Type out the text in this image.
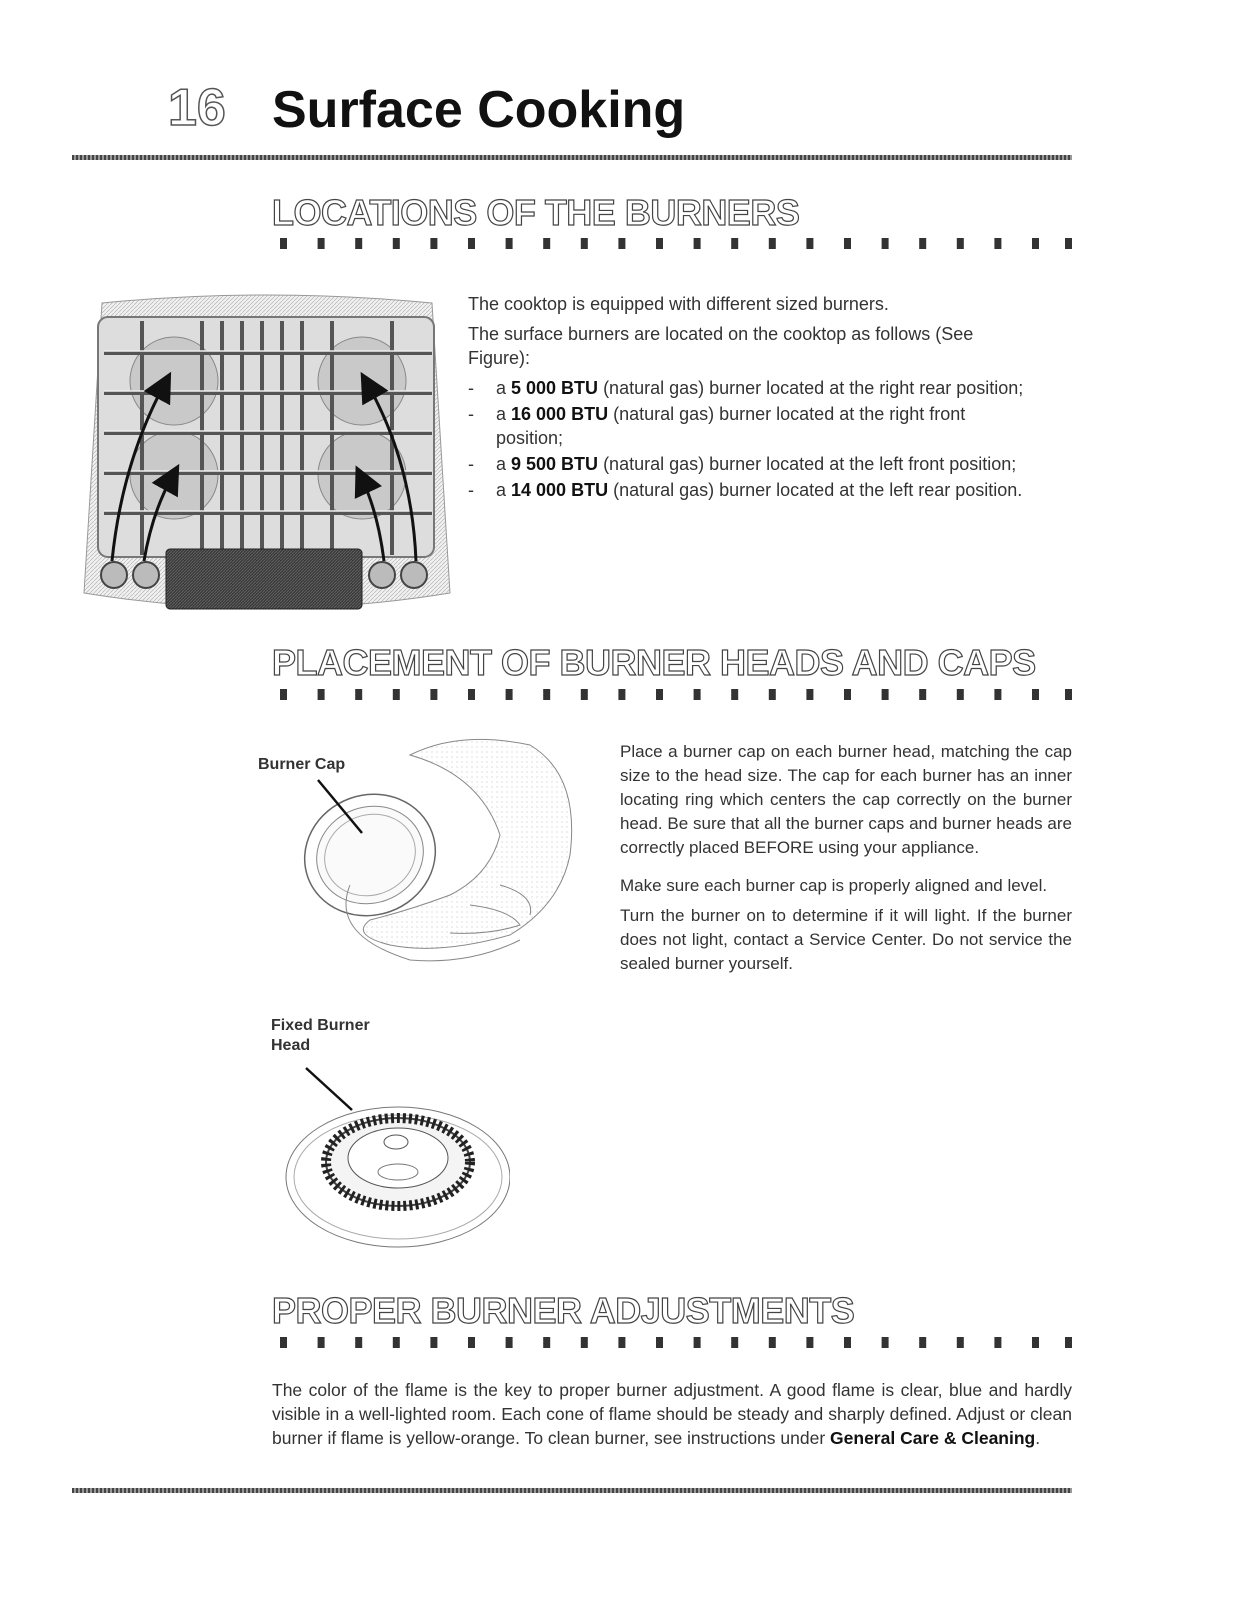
16 Surface Cooking
LOCATIONS OF THE BURNERS

The cooktop is equipped with different sized burners.

The surface burners are located on the cooktop as follows (See Figure):

-	a 5 000 BTU (natural gas) burner located at the right rear position;
-	a 16 000 BTU (natural gas) burner located at the right front position;
-	a 9 500 BTU (natural gas) burner located at the left front position;
-	a 14 000 BTU (natural gas) burner located at the left rear position.
PLACEMENT OF BURNER HEADS AND CAPS
Burner Cap
Fixed Burner
Head

Place a burner cap on each burner head, matching the cap size to the head size. The cap for each burner has an inner locating ring which centers the cap correctly on the burner head. Be sure that all the burner caps and burner heads are correctly placed BEFORE using your appliance.

Make sure each burner cap is properly aligned and level.

Turn the burner on to determine if it will light. If the burner does not light, contact a Service Center. Do not service the sealed burner yourself.

PROPER BURNER ADJUSTMENTS
The color of the flame is the key to proper burner adjustment. A good flame is clear, blue and hardly visible in a well-lighted room. Each cone of flame should be steady and sharply defined. Adjust or clean burner if flame is yellow-orange. To clean burner, see instructions under General Care & Cleaning.
